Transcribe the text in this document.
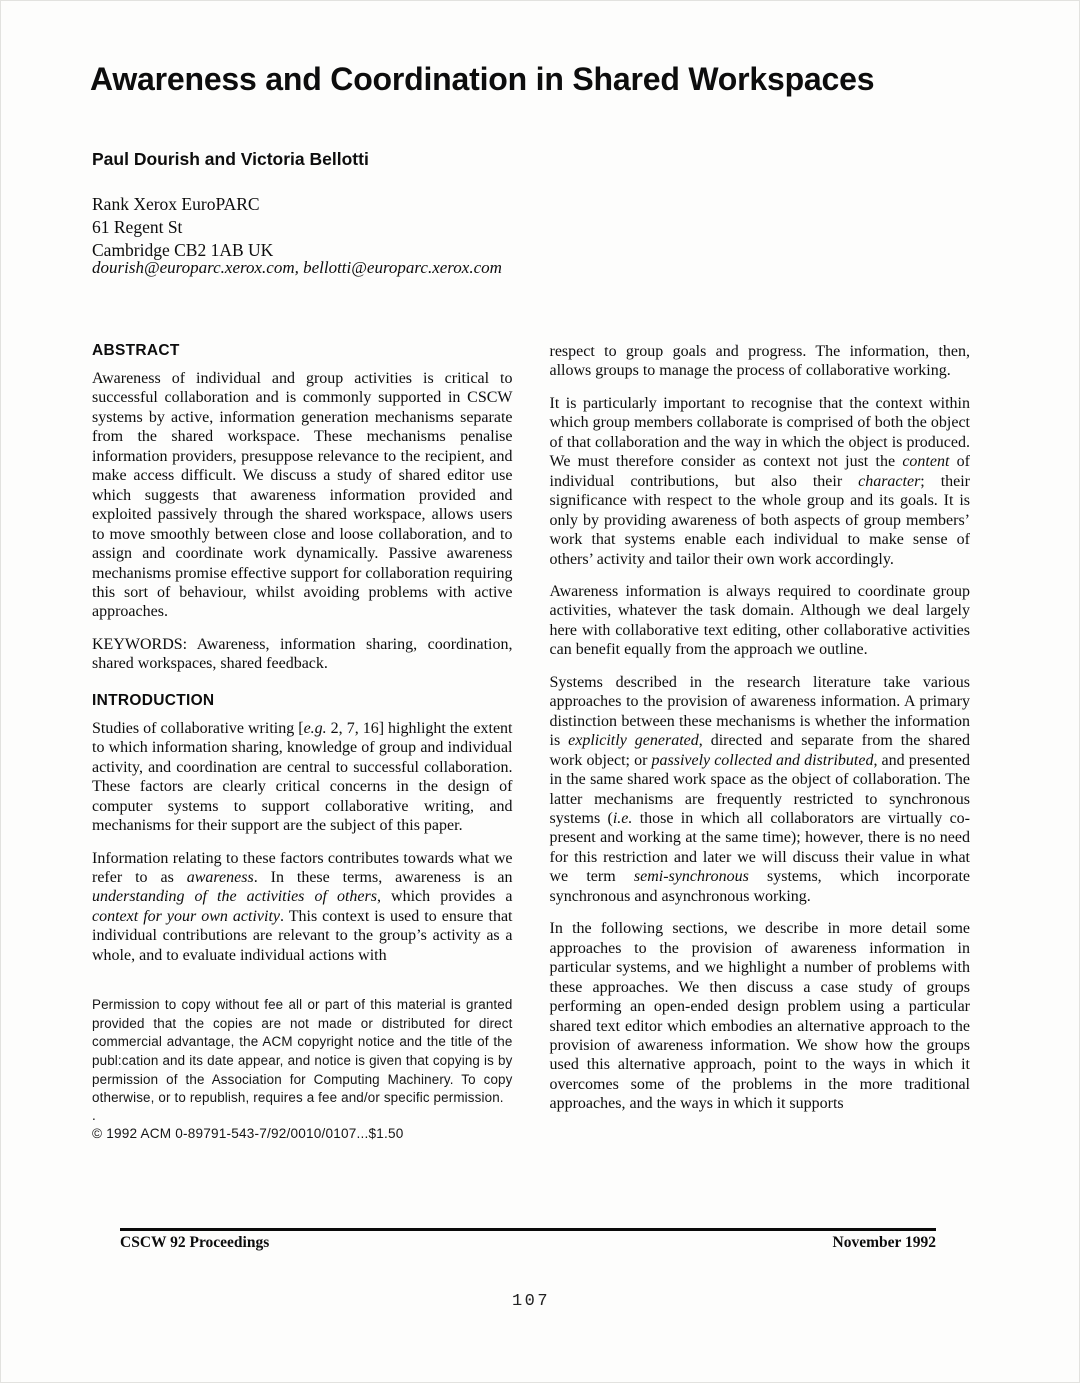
Awareness and Coordination in Shared Workspaces
Paul Dourish and Victoria Bellotti
Rank Xerox EuroPARC
61 Regent St
Cambridge CB2 1AB UK
dourish@europarc.xerox.com, bellotti@europarc.xerox.com
ABSTRACT

Awareness of individual and group activities is critical to successful collaboration and is commonly supported in CSCW systems by active, information generation mechanisms separate from the shared workspace. These mechanisms penalise information providers, presuppose relevance to the recipient, and make access difficult. We discuss a study of shared editor use which suggests that awareness information provided and exploited passively through the shared workspace, allows users to move smoothly between close and loose collaboration, and to assign and coordinate work dynamically. Passive awareness mechanisms promise effective support for collaboration requiring this sort of behaviour, whilst avoiding problems with active approaches.

KEYWORDS: Awareness, information sharing, coordination, shared workspaces, shared feedback.

INTRODUCTION

Studies of collaborative writing [e.g. 2, 7, 16] highlight the extent to which information sharing, knowledge of group and individual activity, and coordination are central to successful collaboration. These factors are clearly critical concerns in the design of computer systems to support collaborative writing, and mechanisms for their support are the subject of this paper.

Information relating to these factors contributes towards what we refer to as awareness. In these terms, awareness is an understanding of the activities of others, which provides a context for your own activity. This context is used to ensure that individual contributions are relevant to the group’s activity as a whole, and to evaluate individual actions with

Permission to copy without fee all or part of this material is granted provided that the copies are not made or distributed for direct commercial advantage, the ACM copyright notice and the title of the publ:cation and its date appear, and notice is given that copying is by permission of the Association for Computing Machinery. To copy otherwise, or to republish, requires a fee and/or specific permission.
.
© 1992 ACM 0-89791-543-7/92/0010/0107...$1.50

respect to group goals and progress. The information, then, allows groups to manage the process of collaborative working.

It is particularly important to recognise that the context within which group members collaborate is comprised of both the object of that collaboration and the way in which the object is produced. We must therefore consider as context not just the content of individual contributions, but also their character; their significance with respect to the whole group and its goals. It is only by providing awareness of both aspects of group members’ work that systems enable each individual to make sense of others’ activity and tailor their own work accordingly.

Awareness information is always required to coordinate group activities, whatever the task domain. Although we deal largely here with collaborative text editing, other collaborative activities can benefit equally from the approach we outline.

Systems described in the research literature take various approaches to the provision of awareness information. A primary distinction between these mechanisms is whether the information is explicitly generated, directed and separate from the shared work object; or passively collected and distributed, and presented in the same shared work space as the object of collaboration. The latter mechanisms are frequently restricted to synchronous systems (i.e. those in which all collaborators are virtually co-present and working at the same time); however, there is no need for this restriction and later we will discuss their value in what we term semi-synchronous systems, which incorporate synchronous and asynchronous working.

In the following sections, we describe in more detail some approaches to the provision of awareness information in particular systems, and we highlight a number of problems with these approaches. We then discuss a case study of groups performing an open-ended design problem using a particular shared text editor which embodies an alternative approach to the provision of awareness information. We show how the groups used this alternative approach, point to the ways in which it overcomes some of the problems in the more traditional approaches, and the ways in which it supports

CSCW 92 Proceedings	November 1992
107
